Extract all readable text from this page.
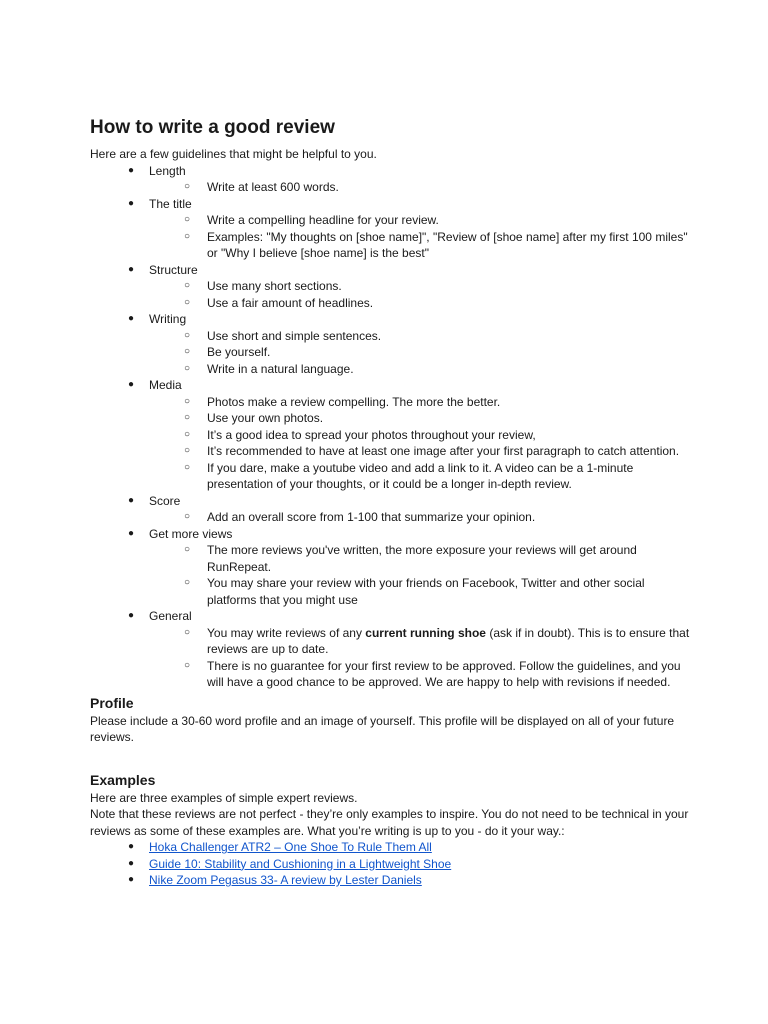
How to write a good review

Here are a few guidelines that might be helpful to you.

● Length
○ Write at least 600 words.
● The title
○ Write a compelling headline for your review.
○ Examples: "My thoughts on [shoe name]", "Review of [shoe name] after my first 100 miles" or "Why I believe [shoe name] is the best"
● Structure
○ Use many short sections.
○ Use a fair amount of headlines.
● Writing
○ Use short and simple sentences.
○ Be yourself.
○ Write in a natural language.
● Media
○ Photos make a review compelling. The more the better.
○ Use your own photos.
○ It’s a good idea to spread your photos throughout your review,
○ It’s recommended to have at least one image after your first paragraph to catch attention.
○ If you dare, make a youtube video and add a link to it. A video can be a 1-minute presentation of your thoughts, or it could be a longer in-depth review.
● Score
○ Add an overall score from 1-100 that summarize your opinion.
● Get more views
○ The more reviews you've written, the more exposure your reviews will get around RunRepeat.
○ You may share your review with your friends on Facebook, Twitter and other social platforms that you might use
● General
○ You may write reviews of any current running shoe (ask if in doubt). This is to ensure that reviews are up to date.
○ There is no guarantee for your first review to be approved. Follow the guidelines, and you will have a good chance to be approved. We are happy to help with revisions if needed.
Profile

Please include a 30-60 word profile and an image of yourself. This profile will be displayed on all of your future reviews.

Examples

Here are three examples of simple expert reviews.

Note that these reviews are not perfect - they’re only examples to inspire. You do not need to be technical in your reviews as some of these examples are. What you’re writing is up to you - do it your way.:

● Hoka Challenger ATR2 – One Shoe To Rule Them All
● Guide 10: Stability and Cushioning in a Lightweight Shoe
● Nike Zoom Pegasus 33- A review by Lester Daniels
